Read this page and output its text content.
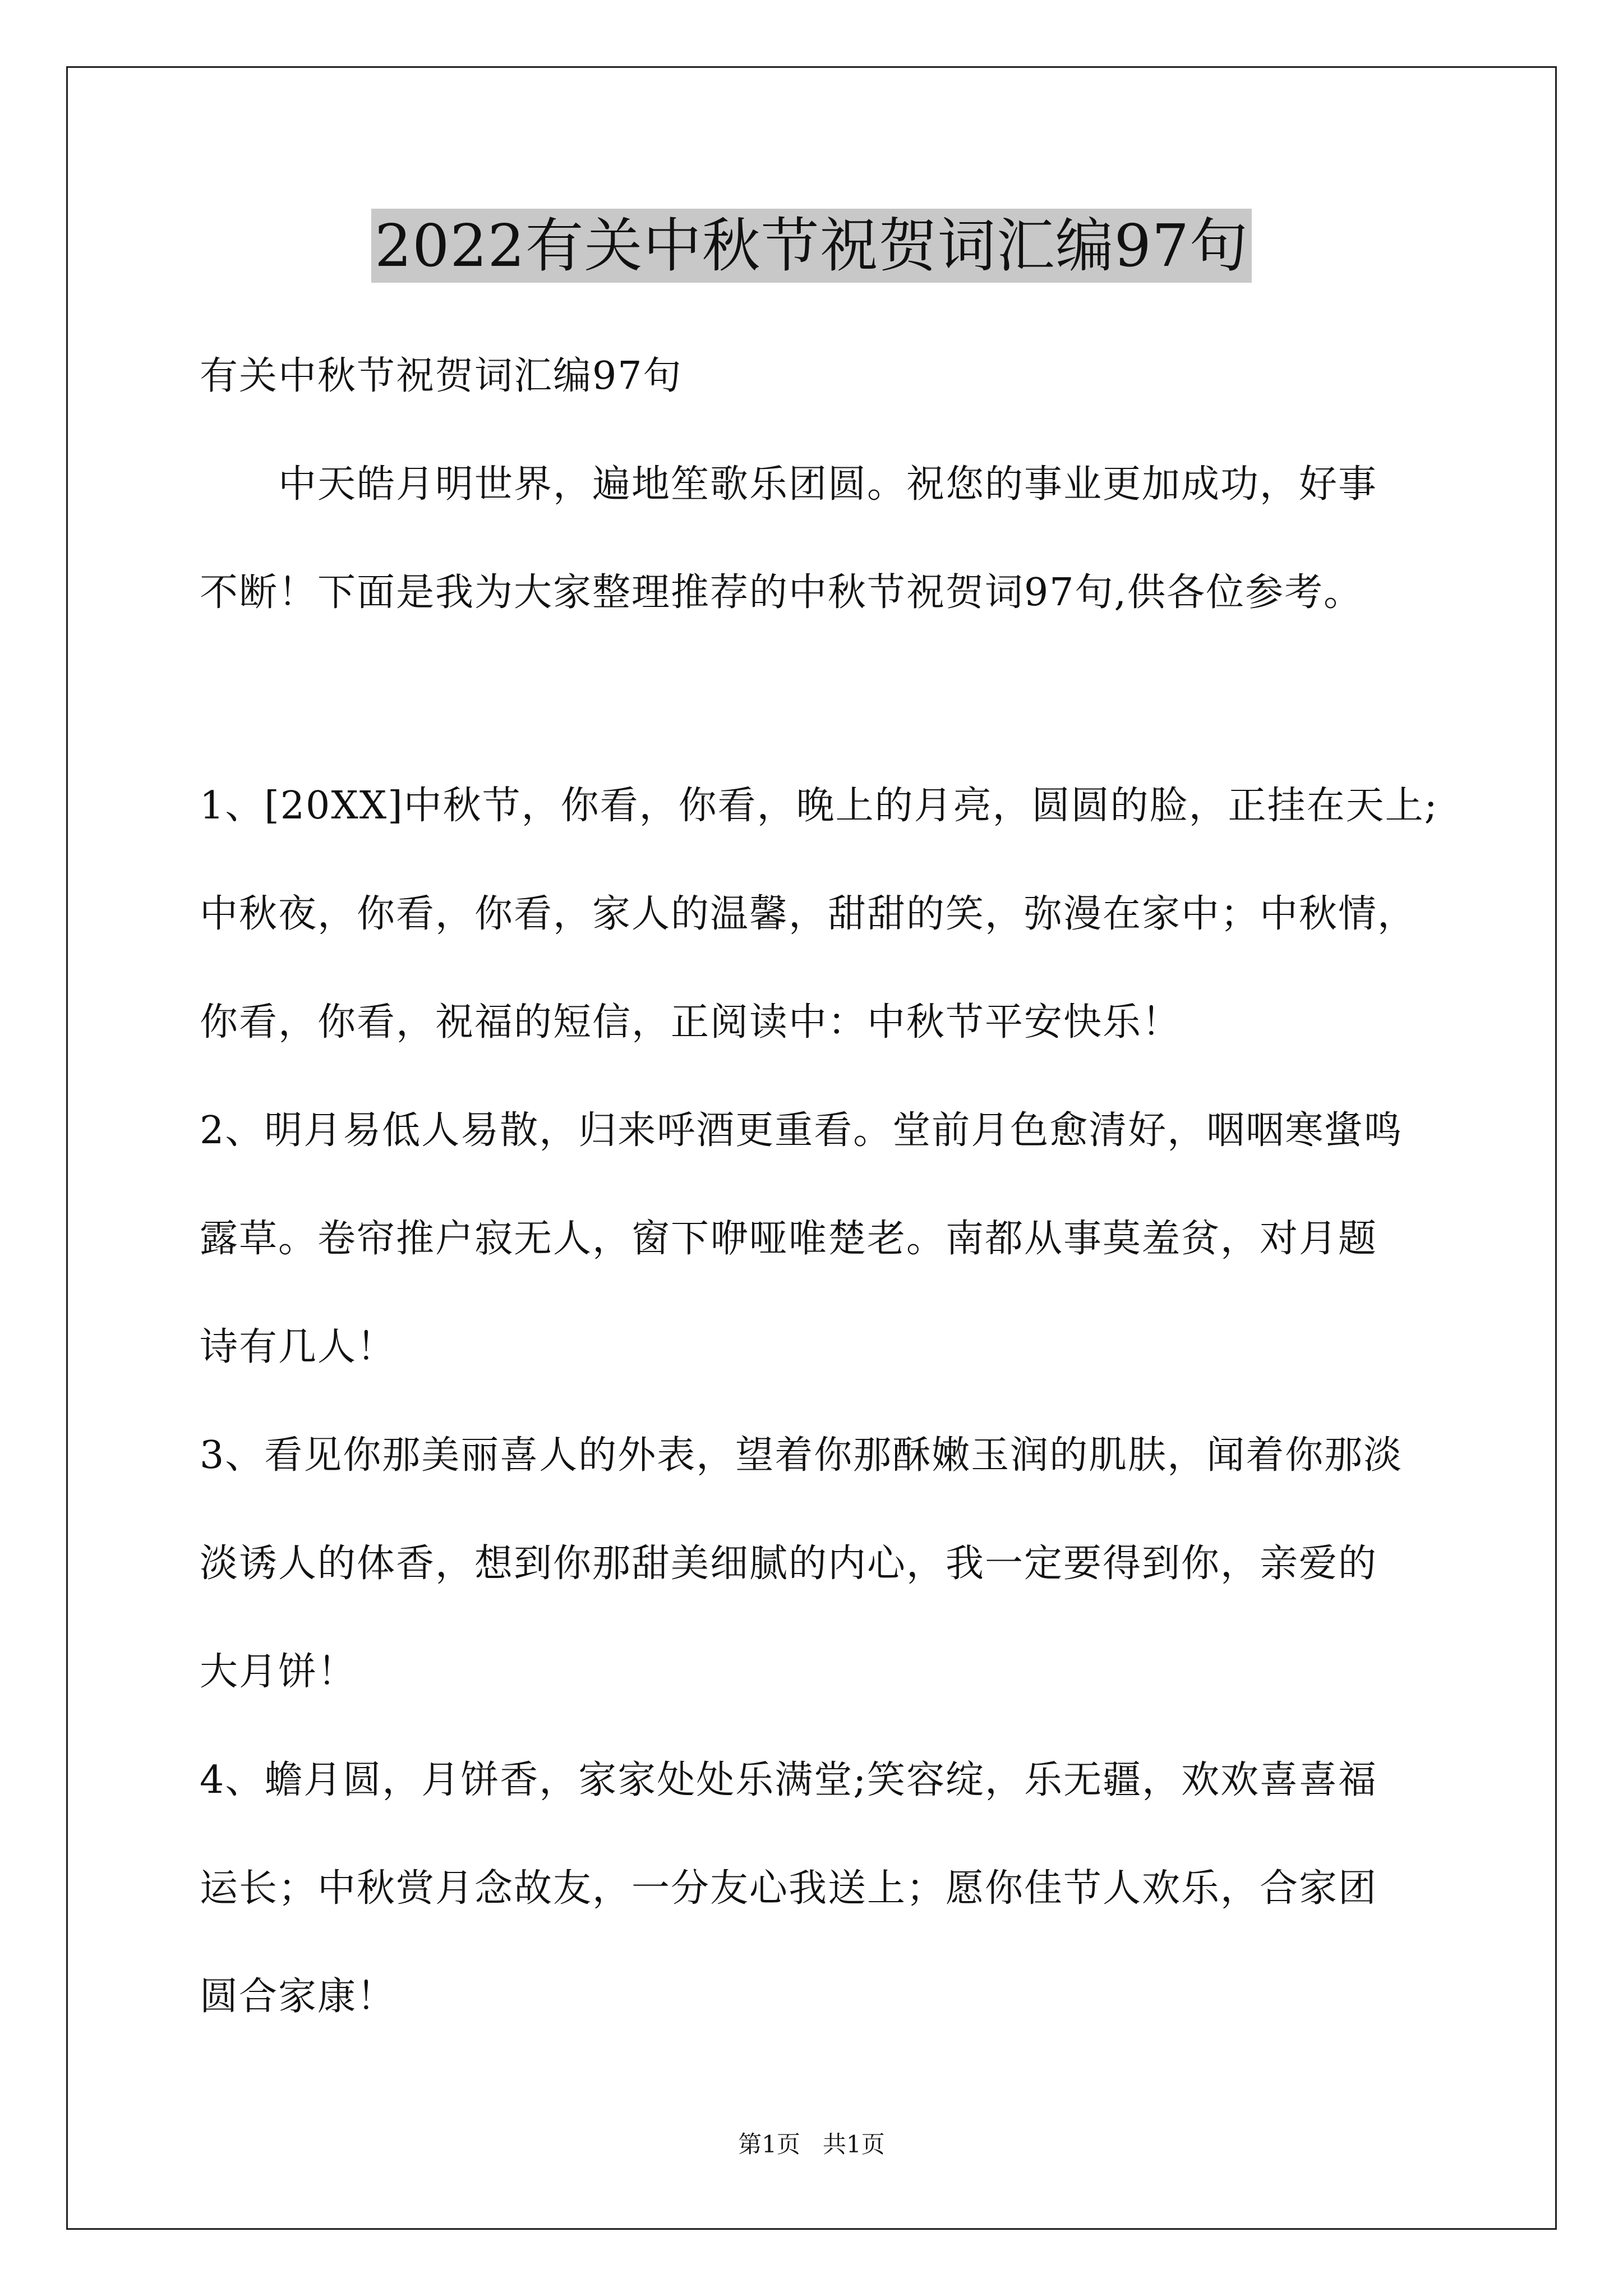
2022有关中秋节祝贺词汇编97句
有关中秋节祝贺词汇编97句
　　中天皓月明世界，遍地笙歌乐团圆。祝您的事业更加成功，好事
不断！下面是我为大家整理推荐的中秋节祝贺词97句,供各位参考。
1、[20XX]中秋节，你看，你看，晚上的月亮，圆圆的脸，正挂在天上;
中秋夜，你看，你看，家人的温馨，甜甜的笑，弥漫在家中；中秋情，
你看，你看，祝福的短信，正阅读中：中秋节平安快乐！
2、明月易低人易散，归来呼酒更重看。堂前月色愈清好，咽咽寒螀鸣
露草。卷帘推户寂无人，窗下咿哑唯楚老。南都从事莫羞贫，对月题
诗有几人！
3、看见你那美丽喜人的外表，望着你那酥嫩玉润的肌肤，闻着你那淡
淡诱人的体香，想到你那甜美细腻的内心，我一定要得到你，亲爱的
大月饼！
4、蟾月圆，月饼香，家家处处乐满堂;笑容绽，乐无疆，欢欢喜喜福
运长；中秋赏月念故友，一分友心我送上；愿你佳节人欢乐，合家团
圆合家康！
第1页 共1页
